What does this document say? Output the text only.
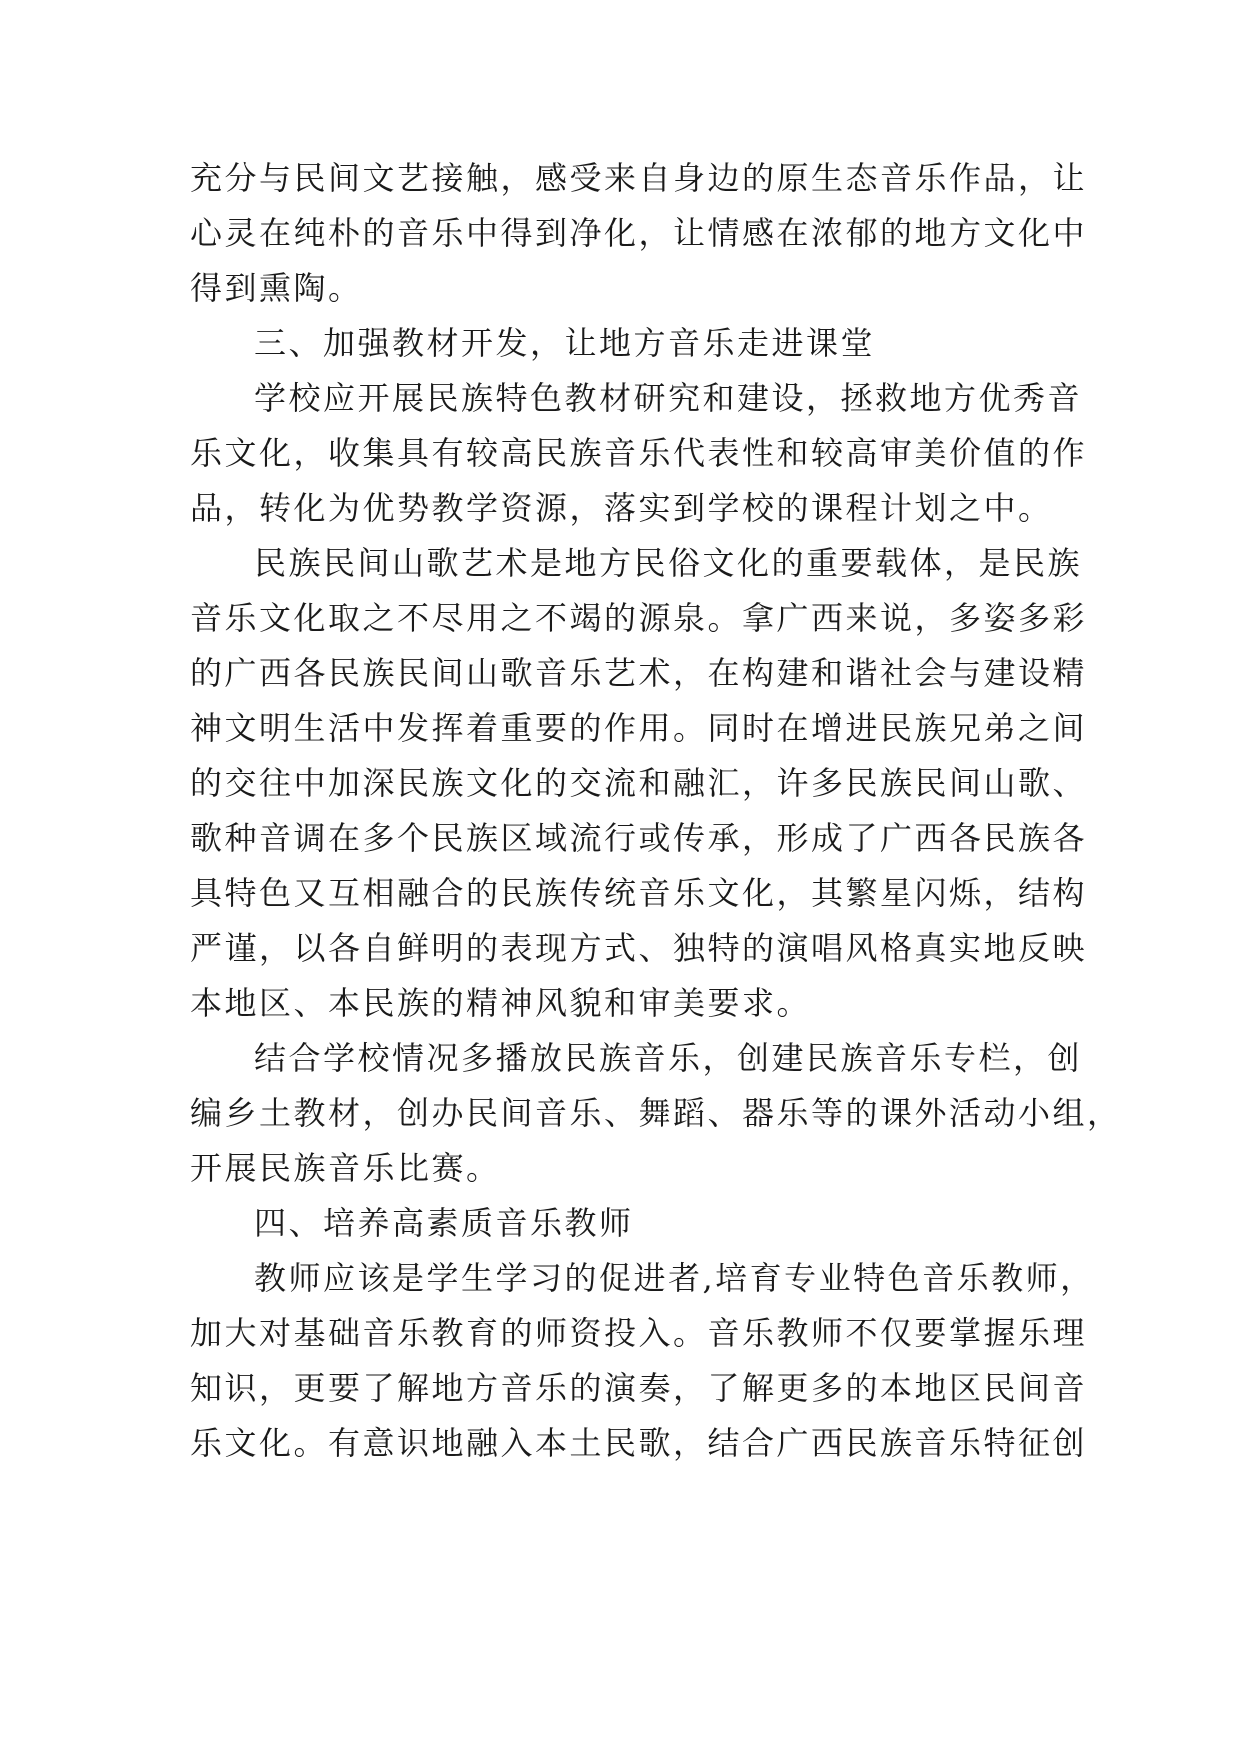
充分与民间文艺接触，感受来自身边的原生态音乐作品，让
心灵在纯朴的音乐中得到净化，让情感在浓郁的地方文化中
得到熏陶。
三、加强教材开发，让地方音乐走进课堂
学校应开展民族特色教材研究和建设，拯救地方优秀音
乐文化，收集具有较高民族音乐代表性和较高审美价值的作
品，转化为优势教学资源，落实到学校的课程计划之中。
民族民间山歌艺术是地方民俗文化的重要载体，是民族
音乐文化取之不尽用之不竭的源泉。拿广西来说，多姿多彩
的广西各民族民间山歌音乐艺术，在构建和谐社会与建设精
神文明生活中发挥着重要的作用。同时在增进民族兄弟之间
的交往中加深民族文化的交流和融汇，许多民族民间山歌、
歌种音调在多个民族区域流行或传承，形成了广西各民族各
具特色又互相融合的民族传统音乐文化，其繁星闪烁，结构
严谨，以各自鲜明的表现方式、独特的演唱风格真实地反映
本地区、本民族的精神风貌和审美要求。
结合学校情况多播放民族音乐，创建民族音乐专栏，创
编乡土教材，创办民间音乐、舞蹈、器乐等的课外活动小组，
开展民族音乐比赛。
四、培养高素质音乐教师
教师应该是学生学习的促进者,培育专业特色音乐教师，
加大对基础音乐教育的师资投入。音乐教师不仅要掌握乐理
知识，更要了解地方音乐的演奏，了解更多的本地区民间音
乐文化。有意识地融入本土民歌，结合广西民族音乐特征创
